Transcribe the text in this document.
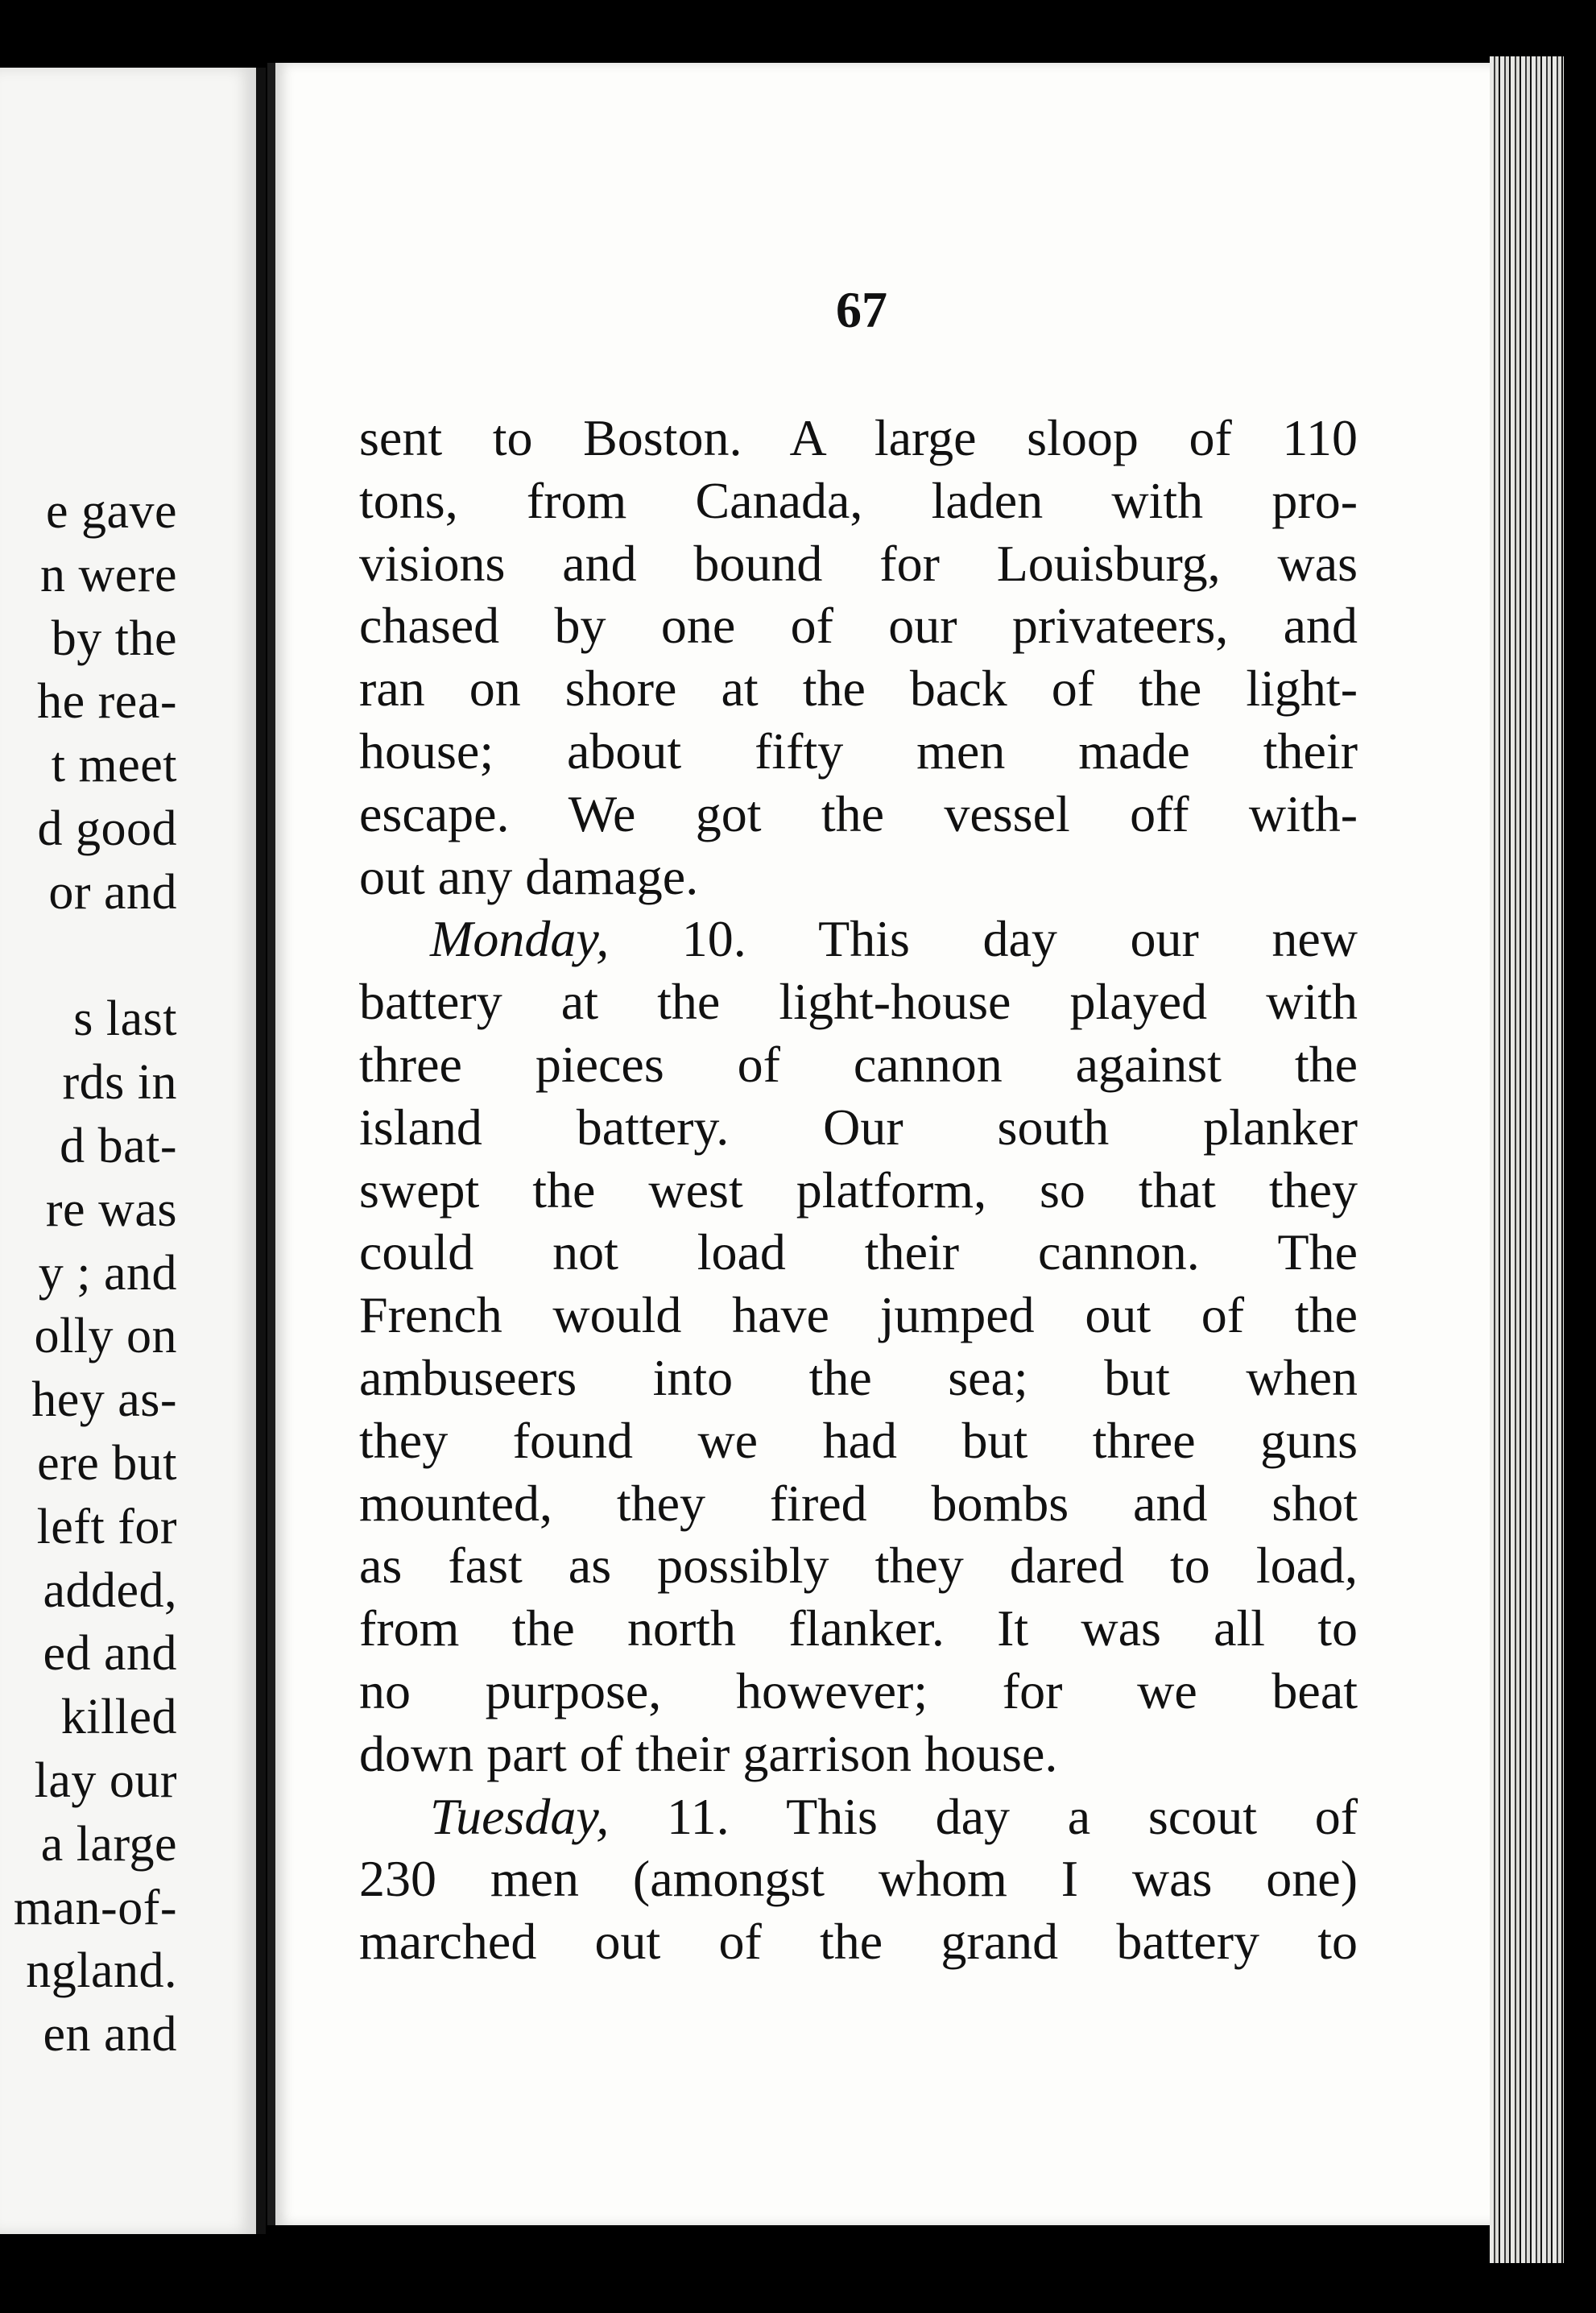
e gave
n were
by the
he rea-
t meet
d good
or and
s last
rds in
d bat-
re was
y ; and
olly on
hey as-
ere but
left for
added,
ed and
killed
lay our
a large
man-of-
ngland.
en and
67
sent to Boston. A large sloop of 110
tons, from Canada, laden with pro-
visions and bound for Louisburg, was
chased by one of our privateers, and
ran on shore at the back of the light-
house; about fifty men made their
escape. We got the vessel off with-
out any damage.
Monday, 10. This day our new
battery at the light-house played with
three pieces of cannon against the
island battery. Our south planker
swept the west platform, so that they
could not load their cannon. The
French would have jumped out of the
ambuseers into the sea; but when
they found we had but three guns
mounted, they fired bombs and shot
as fast as possibly they dared to load,
from the north flanker. It was all to
no purpose, however; for we beat
down part of their garrison house.
Tuesday, 11. This day a scout of
230 men (amongst whom I was one)
marched out of the grand battery to
